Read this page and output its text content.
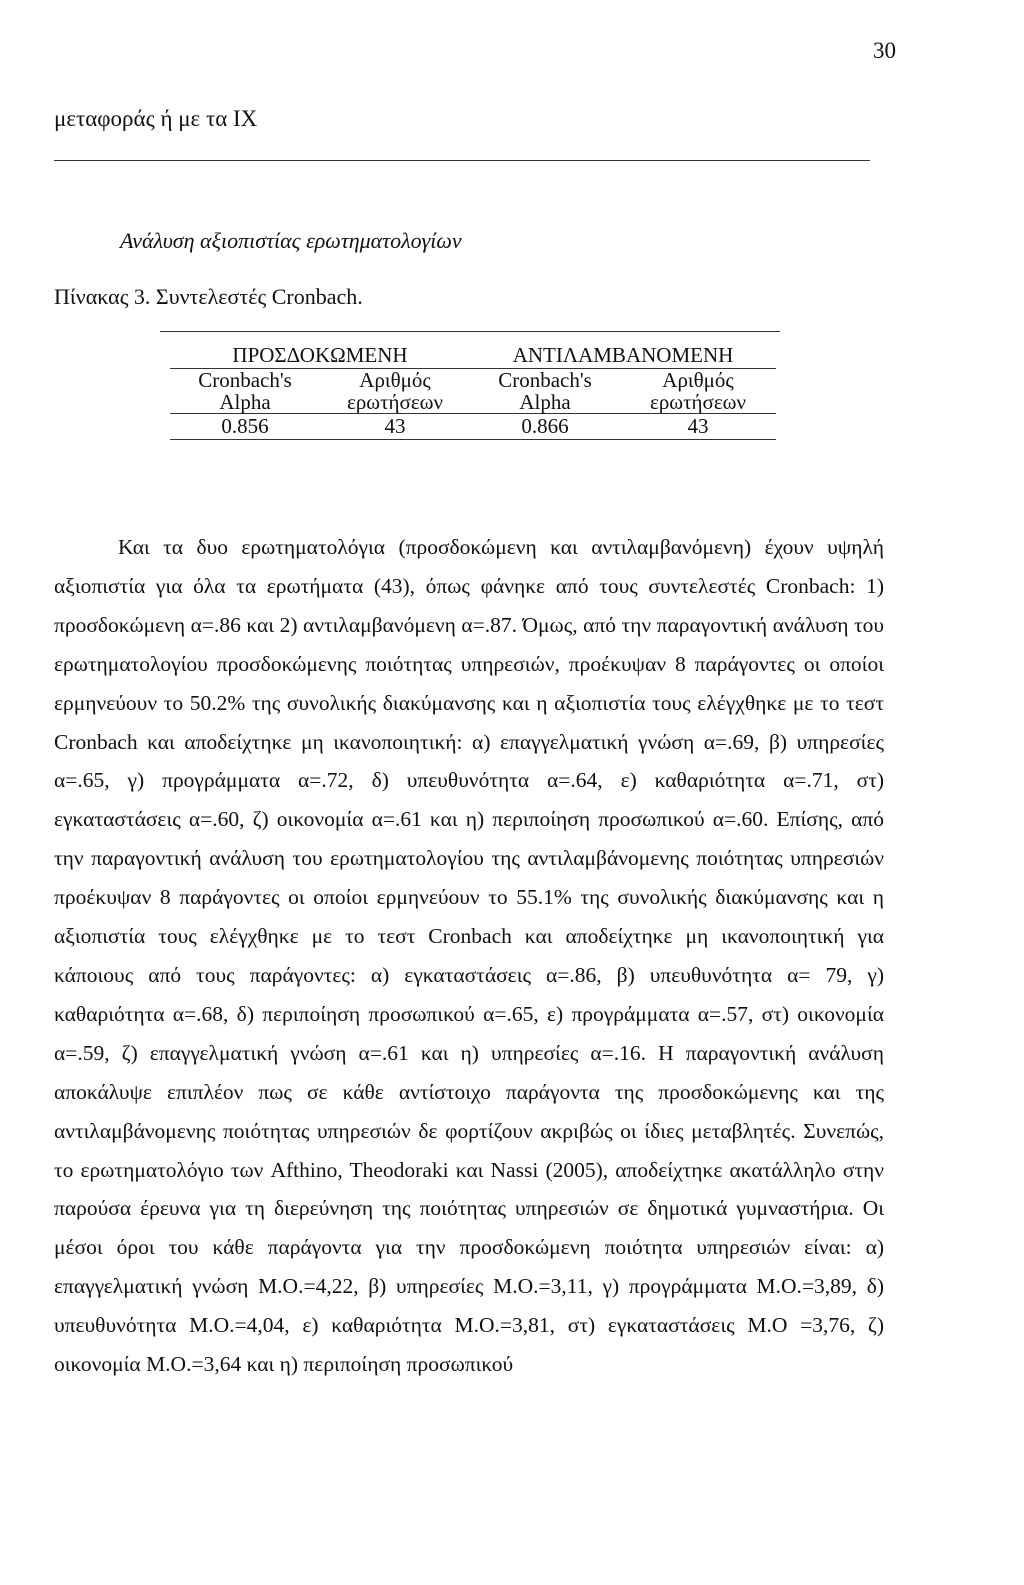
30
μεταφοράς ή με τα ΙΧ
Ανάλυση αξιοπιστίας ερωτηματολογίων
Πίνακας 3. Συντελεστές Cronbach.
ΠΡΟΣΔΟΚΩΜΕΝΗ		ΑΝΤΙΛΑΜΒΑΝΟΜΕΝΗ	
Cronbach's Alpha	Αριθμός ερωτήσεων	Cronbach's Alpha	Αριθμός ερωτήσεων
0.856	43	0.866	43

Και τα δυο ερωτηματολόγια (προσδοκώμενη και αντιλαμβανόμενη) έχουν υψηλή αξιοπιστία για όλα τα ερωτήματα (43), όπως φάνηκε από τους συντελεστές Cronbach: 1) προσδοκώμενη α=.86 και 2) αντιλαμβανόμενη α=.87. Όμως, από την παραγοντική ανάλυση του ερωτηματολογίου προσδοκώμενης ποιότητας υπηρεσιών, προέκυψαν 8 παράγοντες οι οποίοι ερμηνεύουν το 50.2% της συνολικής διακύμανσης και η αξιοπιστία τους ελέγχθηκε με το τεστ Cronbach και αποδείχτηκε μη ικανοποιητική: α) επαγγελματική γνώση α=.69, β) υπηρεσίες α=.65, γ) προγράμματα α=.72, δ) υπευθυνότητα α=.64, ε) καθαριότητα α=.71, στ) εγκαταστάσεις α=.60, ζ) οικονομία α=.61 και η) περιποίηση προσωπικού α=.60. Επίσης, από την παραγοντική ανάλυση του ερωτηματολογίου της αντιλαμβάνομενης ποιότητας υπηρεσιών προέκυψαν 8 παράγοντες οι οποίοι ερμηνεύουν το 55.1% της συνολικής διακύμανσης και η αξιοπιστία τους ελέγχθηκε με το τεστ Cronbach και αποδείχτηκε μη ικανοποιητική για κάποιους από τους παράγοντες: α) εγκαταστάσεις α=.86, β) υπευθυνότητα α= 79, γ) καθαριότητα α=.68, δ) περιποίηση προσωπικού α=.65, ε) προγράμματα α=.57, στ) οικονομία α=.59, ζ) επαγγελματική γνώση α=.61 και η) υπηρεσίες α=.16. Η παραγοντική ανάλυση αποκάλυψε επιπλέον πως σε κάθε αντίστοιχο παράγοντα της προσδοκώμενης και της αντιλαμβάνομενης ποιότητας υπηρεσιών δε φορτίζουν ακριβώς οι ίδιες μεταβλητές. Συνεπώς, το ερωτηματολόγιο των Afthino, Theodoraki και Nassi (2005), αποδείχτηκε ακατάλληλο στην παρούσα έρευνα για τη διερεύνηση της ποιότητας υπηρεσιών σε δημοτικά γυμναστήρια. Οι μέσοι όροι του κάθε παράγοντα για την προσδοκώμενη ποιότητα υπηρεσιών είναι: α) επαγγελματική γνώση Μ.Ο.=4,22, β) υπηρεσίες Μ.Ο.=3,11, γ) προγράμματα Μ.Ο.=3,89, δ) υπευθυνότητα Μ.Ο.=4,04, ε) καθαριότητα Μ.Ο.=3,81, στ) εγκαταστάσεις Μ.Ο =3,76, ζ) οικονομία Μ.Ο.=3,64 και η) περιποίηση προσωπικού
